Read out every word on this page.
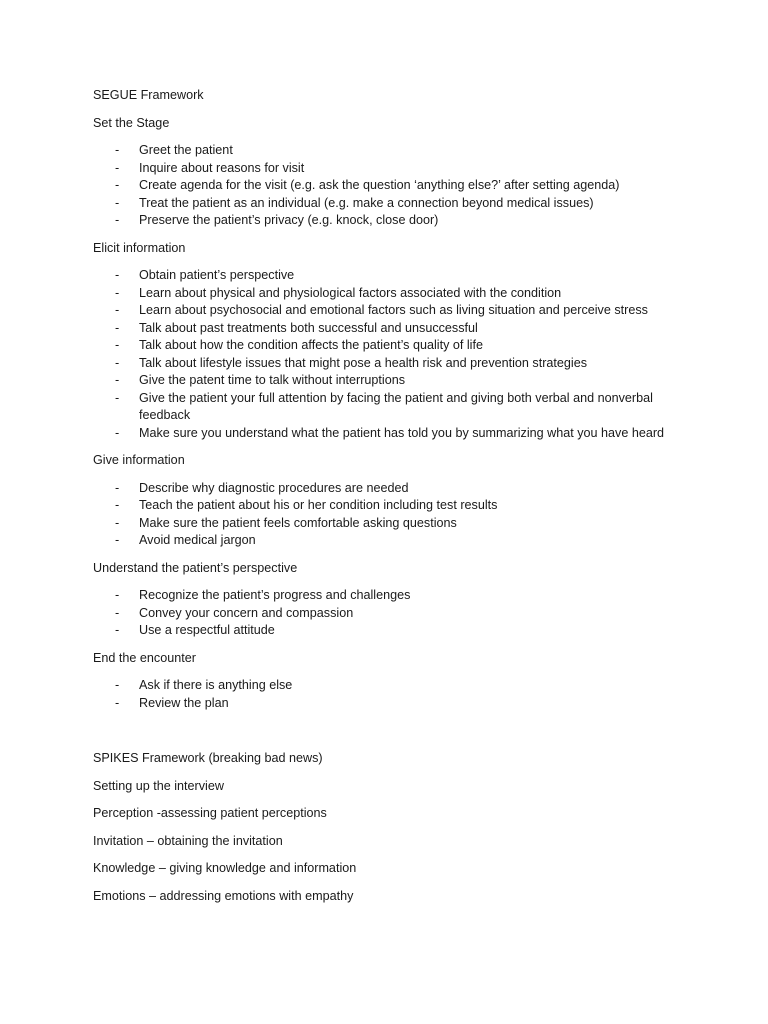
SEGUE Framework

Set the Stage

- Greet the patient
- Inquire about reasons for visit
- Create agenda for the visit (e.g. ask the question ‘anything else?’ after setting agenda)
- Treat the patient as an individual (e.g. make a connection beyond medical issues)
- Preserve the patient’s privacy (e.g. knock, close door)

Elicit information

- Obtain patient’s perspective
- Learn about physical and physiological factors associated with the condition
- Learn about psychosocial and emotional factors such as living situation and perceive stress
- Talk about past treatments both successful and unsuccessful
- Talk about how the condition affects the patient’s quality of life
- Talk about lifestyle issues that might pose a health risk and prevention strategies
- Give the patent time to talk without interruptions
- Give the patient your full attention by facing the patient and giving both verbal and nonverbal feedback
- Make sure you understand what the patient has told you by summarizing what you have heard

Give information

- Describe why diagnostic procedures are needed
- Teach the patient about his or her condition including test results
- Make sure the patient feels comfortable asking questions
- Avoid medical jargon

Understand the patient’s perspective

- Recognize the patient’s progress and challenges
- Convey your concern and compassion
- Use a respectful attitude

End the encounter

- Ask if there is anything else
- Review the plan

SPIKES Framework (breaking bad news)

Setting up the interview

Perception -assessing patient perceptions

Invitation – obtaining the invitation

Knowledge – giving knowledge and information

Emotions – addressing emotions with empathy
